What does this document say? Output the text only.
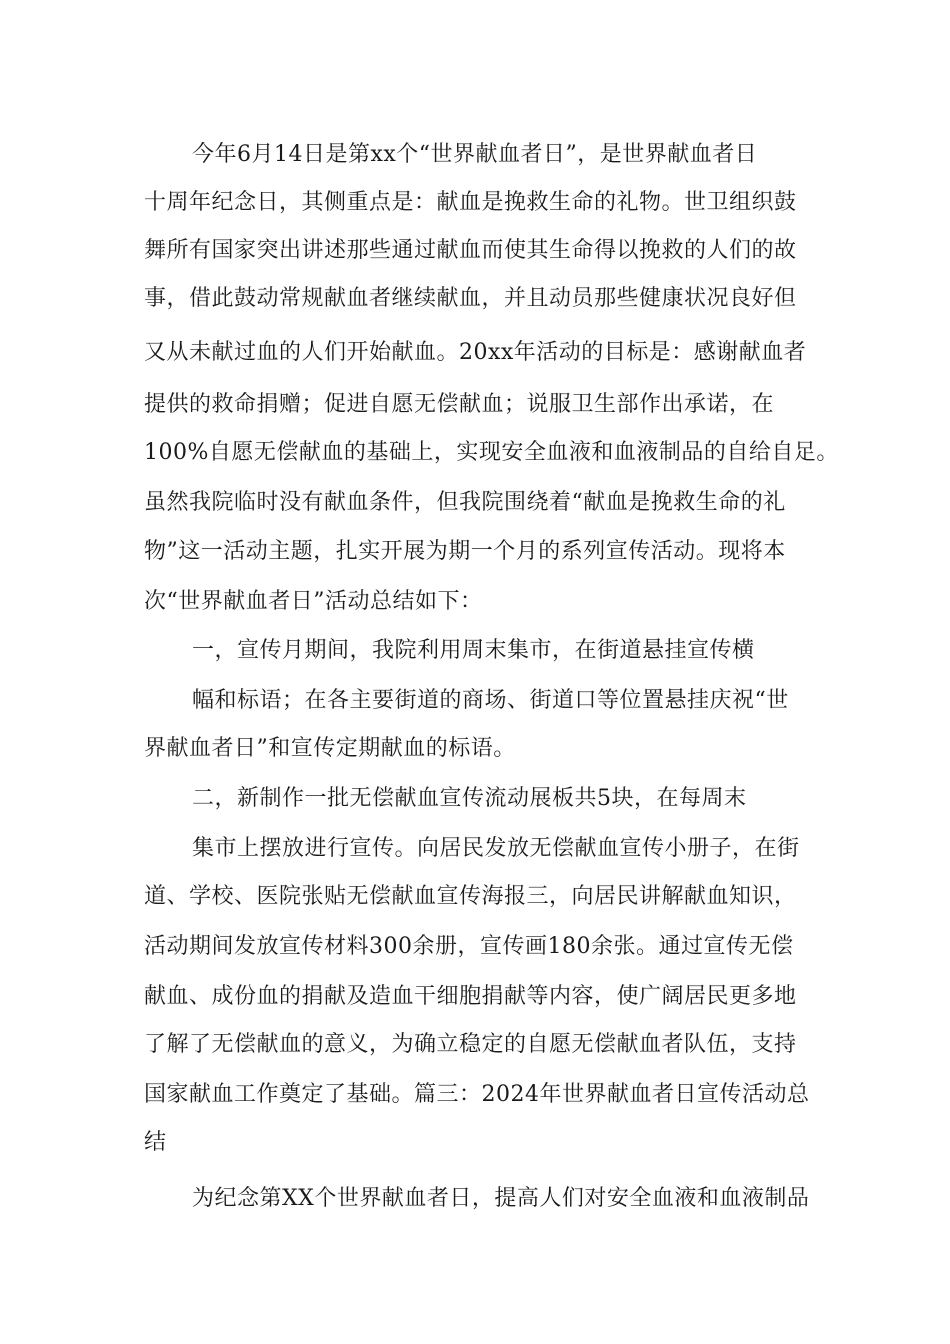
今年6月14日是第xx个“世界献血者日”，是世界献血者日
十周年纪念日，其侧重点是：献血是挽救生命的礼物。世卫组织鼓
舞所有国家突出讲述那些通过献血而使其生命得以挽救的人们的故
事，借此鼓动常规献血者继续献血，并且动员那些健康状况良好但
又从未献过血的人们开始献血。20xx年活动的目标是：感谢献血者
提供的救命捐赠；促进自愿无偿献血；说服卫生部作出承诺，在
100%自愿无偿献血的基础上，实现安全血液和血液制品的自给自足。
虽然我院临时没有献血条件，但我院围绕着“献血是挽救生命的礼
物”这一活动主题，扎实开展为期一个月的系列宣传活动。现将本
次“世界献血者日”活动总结如下：
一，宣传月期间，我院利用周末集市，在街道悬挂宣传横
幅和标语；在各主要街道的商场、街道口等位置悬挂庆祝“世
界献血者日”和宣传定期献血的标语。
二，新制作一批无偿献血宣传流动展板共5块，在每周末
集市上摆放进行宣传。向居民发放无偿献血宣传小册子，在街
道、学校、医院张贴无偿献血宣传海报三，向居民讲解献血知识，
活动期间发放宣传材料300余册，宣传画180余张。通过宣传无偿
献血、成份血的捐献及造血干细胞捐献等内容，使广阔居民更多地
了解了无偿献血的意义，为确立稳定的自愿无偿献血者队伍，支持
国家献血工作奠定了基础。篇三：2024年世界献血者日宣传活动总
结
为纪念第XX个世界献血者日，提高人们对安全血液和血液制品
